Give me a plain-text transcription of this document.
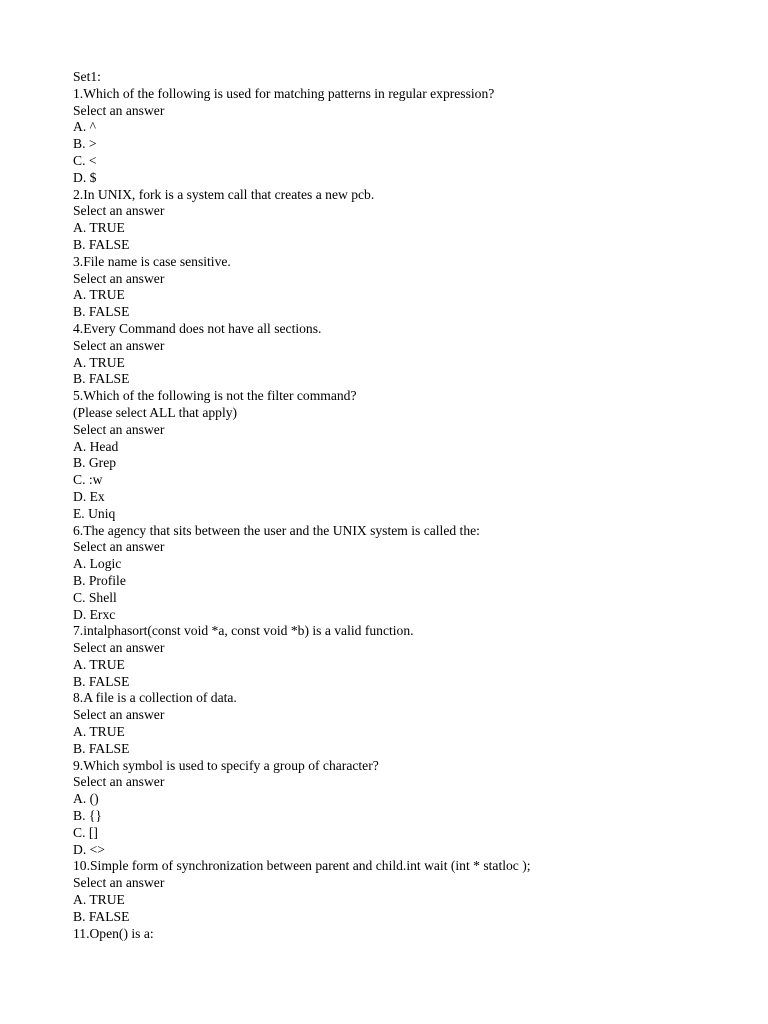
Set1:
1.Which of the following is used for matching patterns in regular expression?
Select an answer
A. ^
B. >
C. <
D. $
2.In UNIX, fork is a system call that creates a new pcb.
Select an answer
A. TRUE
B. FALSE
3.File name is case sensitive.
Select an answer
A. TRUE
B. FALSE
4.Every Command does not have all sections.
Select an answer
A. TRUE
B. FALSE
5.Which of the following is not the filter command?
(Please select ALL that apply)
Select an answer
A. Head
B. Grep
C. :w
D. Ex
E. Uniq
6.The agency that sits between the user and the UNIX system is called the:
Select an answer
A. Logic
B. Profile
C. Shell
D. Erxc
7.intalphasort(const void *a, const void *b) is a valid function.
Select an answer
A. TRUE
B. FALSE
8.A file is a collection of data.
Select an answer
A. TRUE
B. FALSE
9.Which symbol is used to specify a group of character?
Select an answer
A. ()
B. {}
C. []
D. <>
10.Simple form of synchronization between parent and child.int wait (int * statloc );
Select an answer
A. TRUE
B. FALSE
11.Open() is a:
